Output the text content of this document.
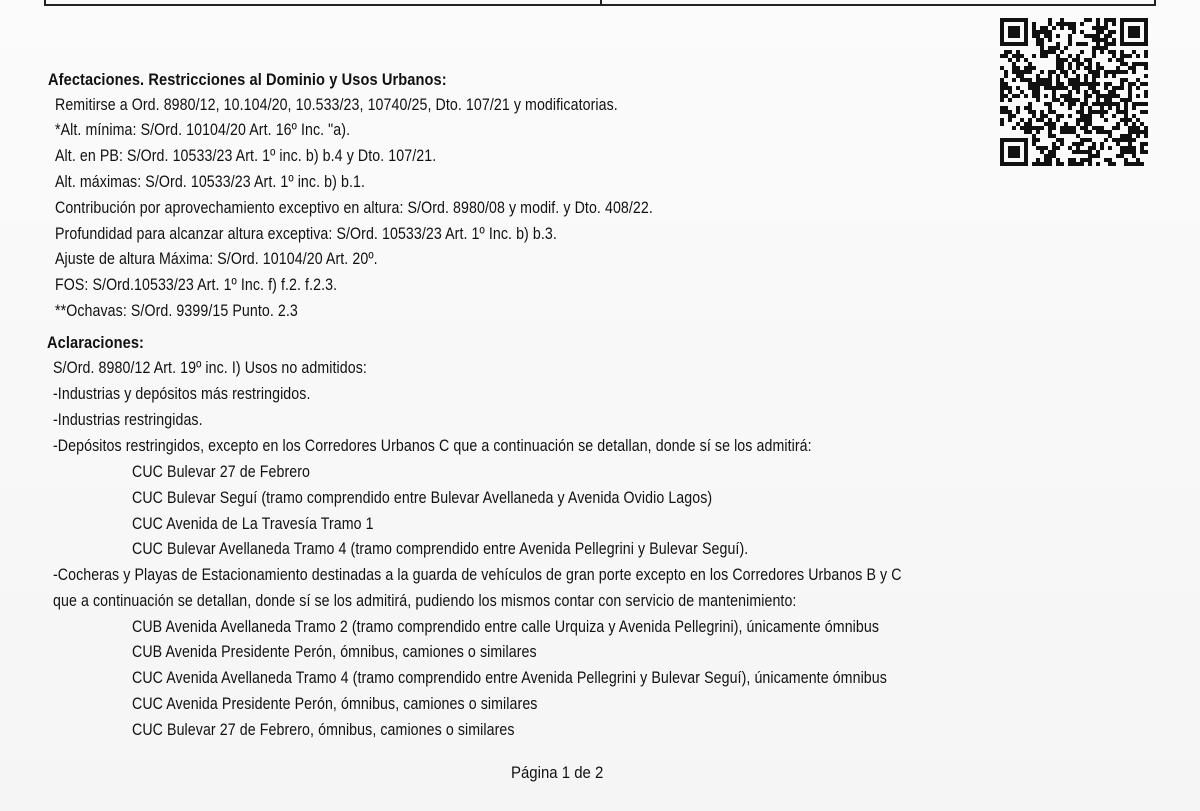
Afectaciones. Restricciones al Dominio y Usos Urbanos:
Remitirse a Ord. 8980/12, 10.104/20, 10.533/23, 10740/25, Dto. 107/21 y modificatorias.
*Alt. mínima: S/Ord. 10104/20 Art. 16º Inc. "a).
Alt. en PB: S/Ord. 10533/23 Art. 1º inc. b) b.4 y Dto. 107/21.
Alt. máximas: S/Ord. 10533/23 Art. 1º inc. b) b.1.
Contribución por aprovechamiento exceptivo en altura: S/Ord. 8980/08 y modif. y Dto. 408/22.
Profundidad para alcanzar altura exceptiva: S/Ord. 10533/23 Art. 1º Inc. b) b.3.
Ajuste de altura Máxima: S/Ord. 10104/20 Art. 20º.
FOS: S/Ord.10533/23 Art. 1º Inc. f) f.2. f.2.3.
**Ochavas: S/Ord. 9399/15 Punto. 2.3
Aclaraciones:
S/Ord. 8980/12 Art. 19º inc. I) Usos no admitidos:
-Industrias y depósitos más restringidos.
-Industrias restringidas.
-Depósitos restringidos, excepto en los Corredores Urbanos C que a continuación se detallan, donde sí se los admitirá:
CUC Bulevar 27 de Febrero
CUC Bulevar Seguí (tramo comprendido entre Bulevar Avellaneda y Avenida Ovidio Lagos)
CUC Avenida de La Travesía Tramo 1
CUC Bulevar Avellaneda Tramo 4 (tramo comprendido entre Avenida Pellegrini y Bulevar Seguí).
-Cocheras y Playas de Estacionamiento destinadas a la guarda de vehículos de gran porte excepto en los Corredores Urbanos B y C
que a continuación se detallan, donde sí se los admitirá, pudiendo los mismos contar con servicio de mantenimiento:
CUB Avenida Avellaneda Tramo 2 (tramo comprendido entre calle Urquiza y Avenida Pellegrini), únicamente ómnibus
CUB Avenida Presidente Perón, ómnibus, camiones o similares
CUC Avenida Avellaneda Tramo 4 (tramo comprendido entre Avenida Pellegrini y Bulevar Seguí), únicamente ómnibus
CUC Avenida Presidente Perón, ómnibus, camiones o similares
CUC Bulevar 27 de Febrero, ómnibus, camiones o similares
Página 1 de 2
